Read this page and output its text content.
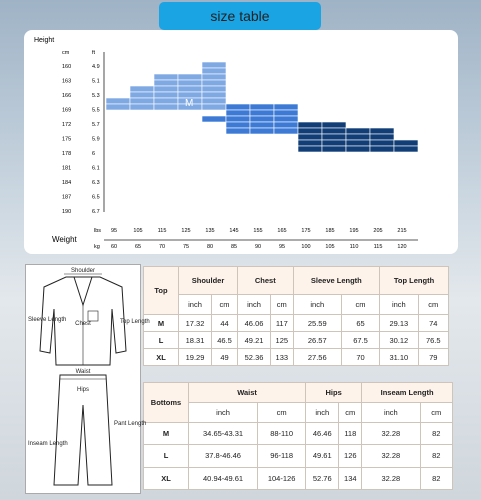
size table
M
L
XL
Height
cm	ft
160	4.9
163	5.1
166	5.3
169	5.5
172	5.7
175	5.9
178	6
181	6.1
184	6.3
187	6.5
190	6.7
Weight
lbs
kg
95
60
105
65
115
70
125
75
135
80
145
85
155
90
165
95
175
100
185
105
195
110
205
115
215
120
Top	Shoulder		Chest		Sleeve Length		Top Length	
	inch	cm	inch	cm	inch	cm	inch	cm
M	17.32	44	46.06	117	25.59	65	29.13	74
L	18.31	46.5	49.21	125	26.57	67.5	30.12	76.5
XL	19.29	49	52.36	133	27.56	70	31.10	79
Bottoms	Waist		Hips		Inseam Length	
	inch	cm	inch	cm	inch	cm
M	34.65-43.31	88-110	46.46	118	32.28	82
L	37.8-46.46	96-118	49.61	126	32.28	82
XL	40.94-49.61	104-126	52.76	134	32.28	82
Shoulder
Chest
Sleeve Length	Top Length
Waist
Hips
Pant Length
Inseam Length
